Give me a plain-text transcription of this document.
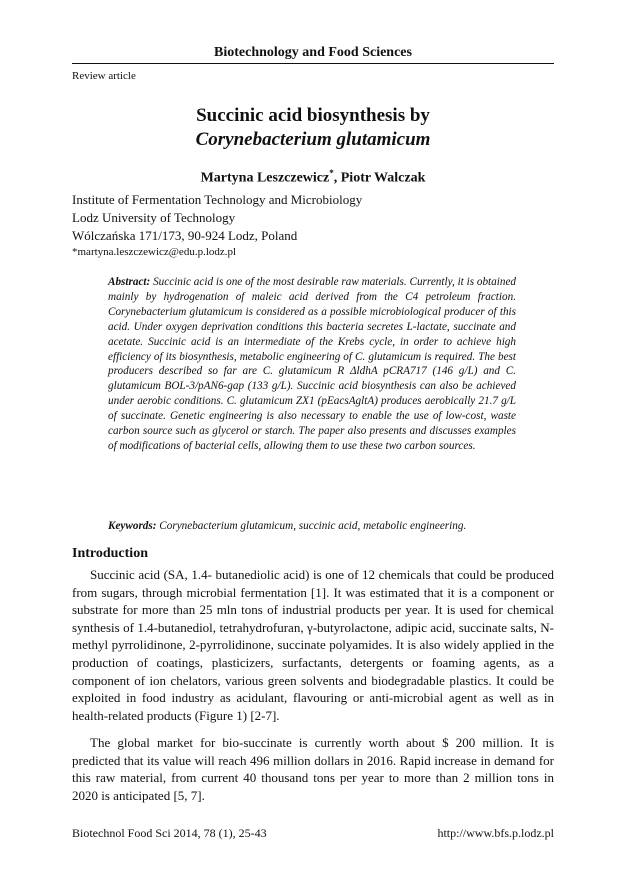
Biotechnology and Food Sciences
Review article
Succinic acid biosynthesis by
Corynebacterium glutamicum
Martyna Leszczewicz*, Piotr Walczak
Institute of Fermentation Technology and Microbiology
Lodz University of Technology
Wólczańska 171/173, 90-924 Lodz, Poland
*martyna.leszczewicz@edu.p.lodz.pl

Abstract: Succinic acid is one of the most desirable raw materials. Currently, it is obtained mainly by hydrogenation of maleic acid derived from the C4 petroleum fraction. Corynebacterium glutamicum is considered as a possible microbiological producer of this acid. Under oxygen deprivation conditions this bacteria secretes L-lactate, succinate and acetate. Succinic acid is an intermediate of the Krebs cycle, in order to achieve high efficiency of its biosynthesis, metabolic engineering of C. glutamicum is required. The best producers described so far are C. glutamicum R ΔldhA pCRA717 (146 g/L) and C. glutamicum BOL-3/pAN6-gap (133 g/L). Succinic acid biosynthesis can also be achieved under aerobic conditions. C. glutamicum ZX1 (pEacsAgltA) produces aerobically 21.7 g/L of succinate. Genetic engineering is also necessary to enable the use of low-cost, waste carbon source such as glycerol or starch. The paper also presents and discusses examples of modifications of bacterial cells, allowing them to use these two carbon sources.

Keywords: Corynebacterium glutamicum, succinic acid, metabolic engineering.
Introduction

Succinic acid (SA, 1.4- butanediolic acid) is one of 12 chemicals that could be produced from sugars, through microbial fermentation [1]. It was estimated that it is a component or substrate for more than 25 mln tons of industrial products per year. It is used for chemical synthesis of 1.4-butanediol, tetrahydrofuran, γ-butyrolactone, adipic acid, succinate salts, N-methyl pyrrolidinone, 2-pyrrolidinone, succinate polyamides. It is also widely applied in the production of coatings, plasticizers, surfactants, detergents or foaming agents, as a component of ion chelators, various green solvents and biodegradable plastics. It could be exploited in food industry as acidulant, flavouring or anti-microbial agent as well as in health-related products (Figure 1) [2-7].

The global market for bio-succinate is currently worth about $ 200 million. It is predicted that its value will reach 496 million dollars in 2016. Rapid increase in demand for this raw material, from current 40 thousand tons per year to more than 2 million tons in 2020 is anticipated [5, 7].

Biotechnol Food Sci 2014, 78 (1), 25-43	http://www.bfs.p.lodz.pl
